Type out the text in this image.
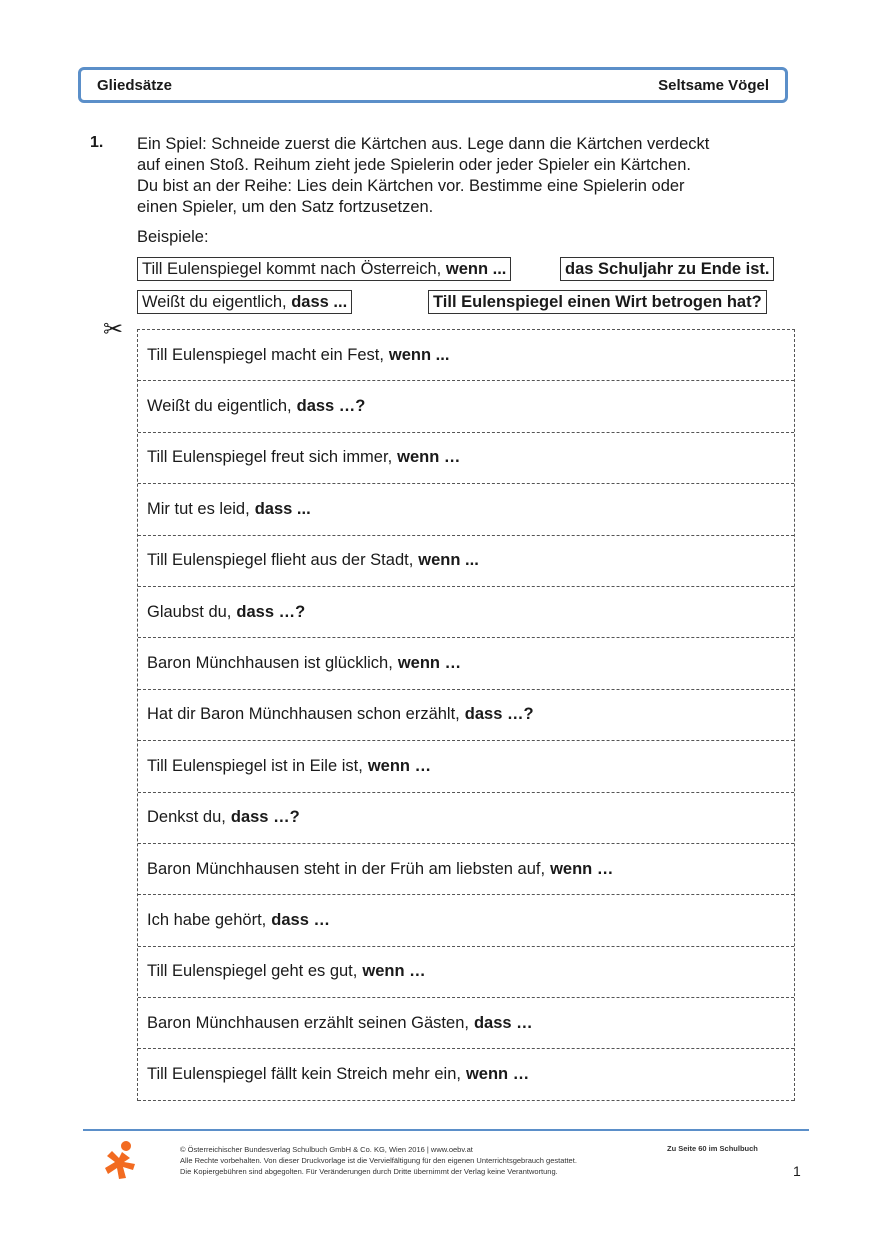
Gliedsätze	Seltsame Vögel
1. Ein Spiel: Schneide zuerst die Kärtchen aus. Lege dann die Kärtchen verdeckt
auf einen Stoß. Reihum zieht jede Spielerin oder jeder Spieler ein Kärtchen.
Du bist an der Reihe: Lies dein Kärtchen vor. Bestimme eine Spielerin oder
einen Spieler, um den Satz fortzusetzen.
Beispiele:
Till Eulenspiegel kommt nach Österreich, wenn ...	das Schuljahr zu Ende ist.
Weißt du eigentlich, dass ...	Till Eulenspiegel einen Wirt betrogen hat?
✂
Till Eulenspiegel macht ein Fest, wenn ...
Weißt du eigentlich, dass …?
Till Eulenspiegel freut sich immer, wenn …
Mir tut es leid, dass ...
Till Eulenspiegel flieht aus der Stadt, wenn ...
Glaubst du, dass …?
Baron Münchhausen ist glücklich, wenn …
Hat dir Baron Münchhausen schon erzählt, dass …?
Till Eulenspiegel ist in Eile ist, wenn …
Denkst du, dass …?
Baron Münchhausen steht in der Früh am liebsten auf, wenn …
Ich habe gehört, dass …
Till Eulenspiegel geht es gut, wenn …
Baron Münchhausen erzählt seinen Gästen, dass …
Till Eulenspiegel fällt kein Streich mehr ein, wenn …
© Österreichischer Bundesverlag Schulbuch GmbH & Co. KG, Wien 2016 | www.oebv.at
Alle Rechte vorbehalten. Von dieser Druckvorlage ist die Vervielfältigung für den eigenen Unterrichtsgebrauch gestattet.
Die Kopiergebühren sind abgegolten. Für Veränderungen durch Dritte übernimmt der Verlag keine Verantwortung.
Zu Seite 60 im Schulbuch
1
